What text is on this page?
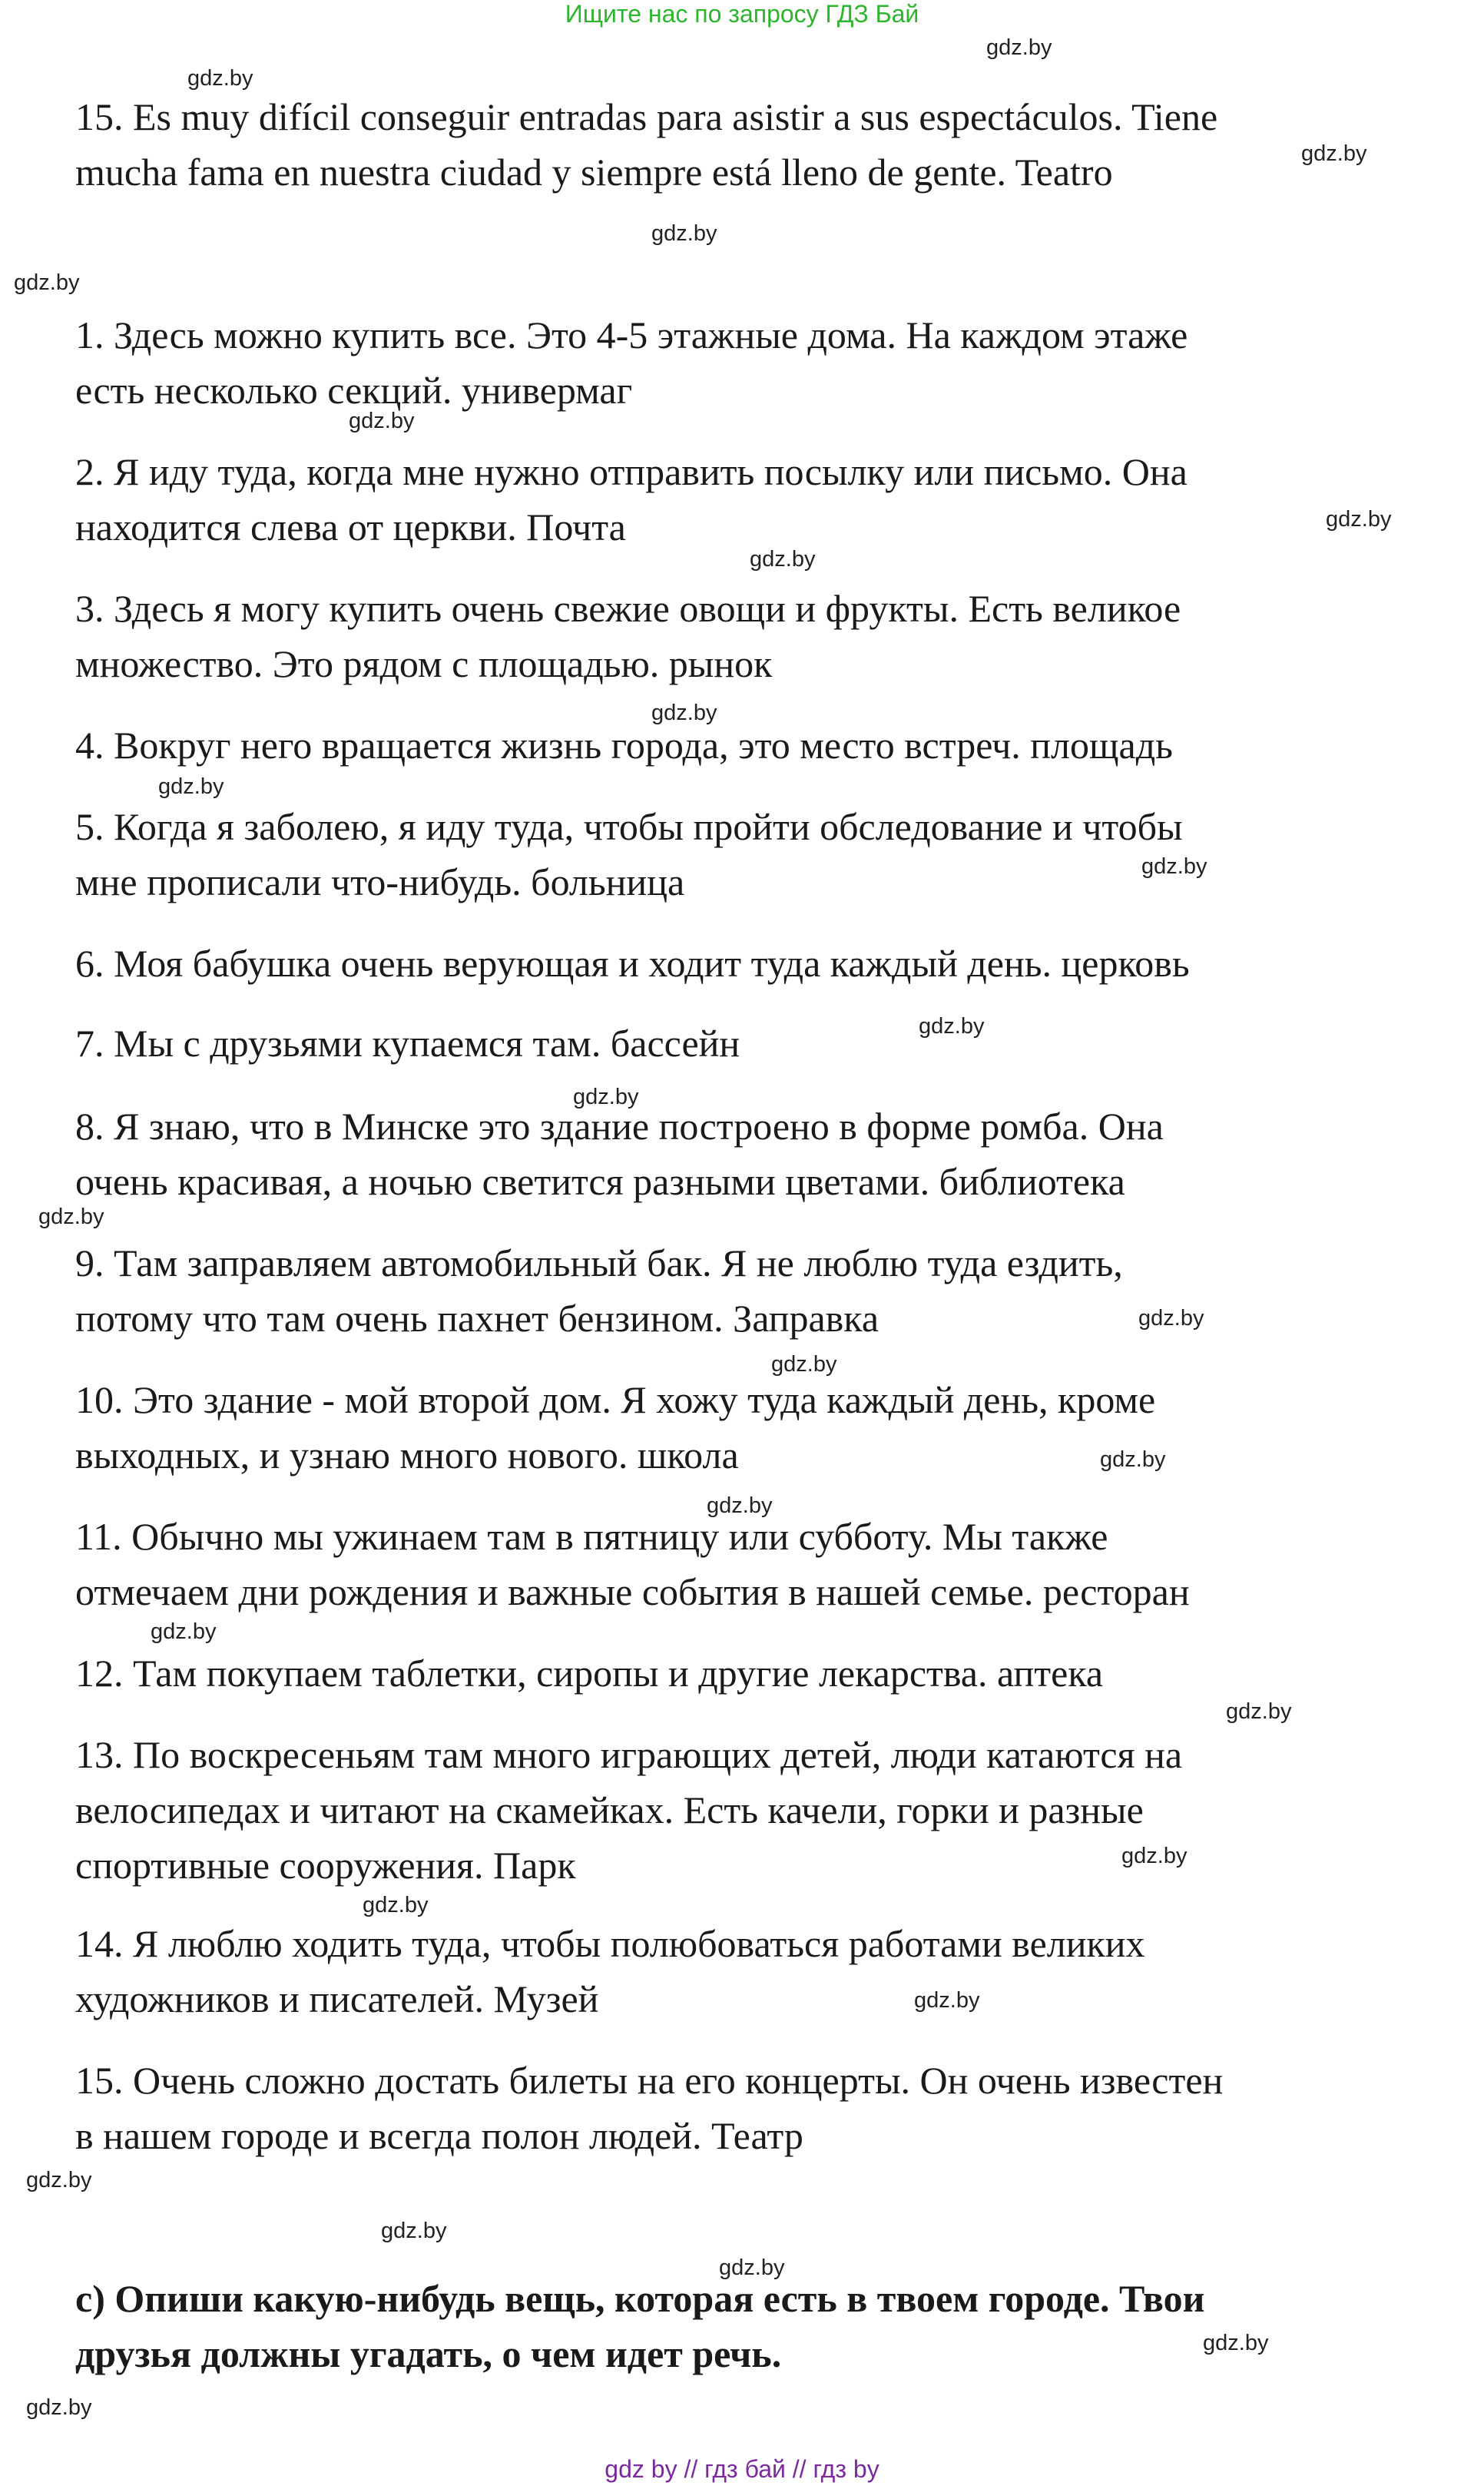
Ищите нас по запросу ГДЗ Бай
15. Es muy difícil conseguir entradas para asistir a sus espectáculos. Tiene
mucha fama en nuestra ciudad y siempre está lleno de gente. Teatro
1. Здесь можно купить все. Это 4-5 этажные дома. На каждом этаже
есть несколько секций. универмаг
2. Я иду туда, когда мне нужно отправить посылку или письмо. Она
находится слева от церкви. Почта
3. Здесь я могу купить очень свежие овощи и фрукты. Есть великое
множество. Это рядом с площадью. рынок
4. Вокруг него вращается жизнь города, это место встреч. площадь
5. Когда я заболею, я иду туда, чтобы пройти обследование и чтобы
мне прописали что-нибудь. больница
6. Моя бабушка очень верующая и ходит туда каждый день. церковь
7. Мы с друзьями купаемся там. бассейн
8. Я знаю, что в Минске это здание построено в форме ромба. Она
очень красивая, а ночью светится разными цветами. библиотека
9. Там заправляем автомобильный бак. Я не люблю туда ездить,
потому что там очень пахнет бензином. Заправка
10. Это здание - мой второй дом. Я хожу туда каждый день, кроме
выходных, и узнаю много нового. школа
11. Обычно мы ужинаем там в пятницу или субботу. Мы также
отмечаем дни рождения и важные события в нашей семье. ресторан
12. Там покупаем таблетки, сиропы и другие лекарства. аптека
13. По воскресеньям там много играющих детей, люди катаются на
велосипедах и читают на скамейках. Есть качели, горки и разные
спортивные сооружения. Парк
14. Я люблю ходить туда, чтобы полюбоваться работами великих
художников и писателей. Музей
15. Очень сложно достать билеты на его концерты. Он очень известен
в нашем городе и всегда полон людей. Театр
c) Опиши какую-нибудь вещь, которая есть в твоем городе. Твои
друзья должны угадать, о чем идет речь.
gdz.by
gdz.by
gdz.by
gdz.by
gdz.by
gdz.by
gdz.by
gdz.by
gdz.by
gdz.by
gdz.by
gdz.by
gdz.by
gdz.by
gdz.by
gdz.by
gdz.by
gdz.by
gdz.by
gdz.by
gdz.by
gdz.by
gdz.by
gdz.by
gdz.by
gdz.by
gdz.by
gdz.by
gdz by // гдз бай // гдз by
